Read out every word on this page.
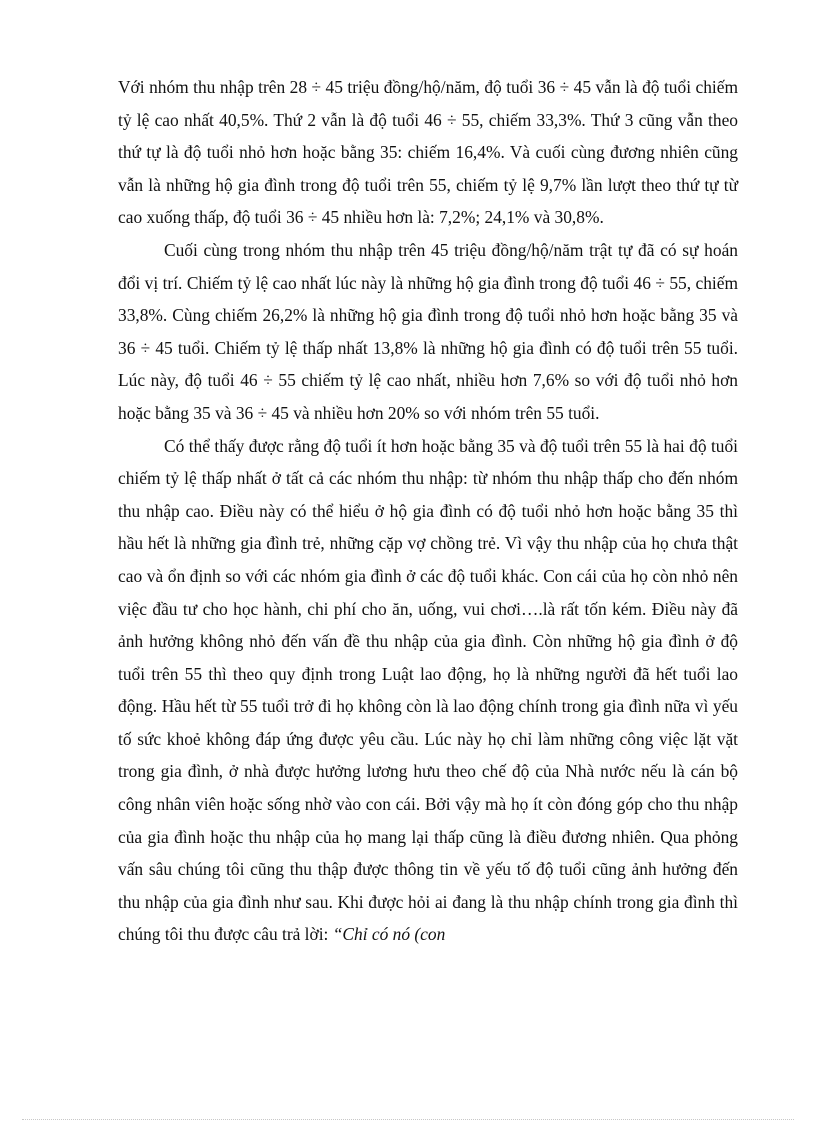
Với nhóm thu nhập trên 28 ÷ 45 triệu đồng/hộ/năm, độ tuổi 36 ÷ 45 vẫn là độ tuổi chiếm tỷ lệ cao nhất 40,5%. Thứ 2 vẫn là độ tuổi 46 ÷ 55, chiếm 33,3%. Thứ 3 cũng vẫn theo thứ tự là độ tuổi nhỏ hơn hoặc bằng 35: chiếm 16,4%. Và cuối cùng đương nhiên cũng vẫn là những hộ gia đình trong độ tuổi trên 55, chiếm tỷ lệ 9,7% lần lượt theo thứ tự từ cao xuống thấp, độ tuổi 36 ÷ 45 nhiều hơn là: 7,2%; 24,1% và 30,8%.

Cuối cùng trong nhóm thu nhập trên 45 triệu đồng/hộ/năm trật tự đã có sự hoán đổi vị trí. Chiếm tỷ lệ cao nhất lúc này là những hộ gia đình trong độ tuổi 46 ÷ 55, chiếm 33,8%. Cùng chiếm 26,2% là những hộ gia đình trong độ tuổi nhỏ hơn hoặc bằng 35 và 36 ÷ 45 tuổi. Chiếm tỷ lệ thấp nhất 13,8% là những hộ gia đình có độ tuổi trên 55 tuổi. Lúc này, độ tuổi 46 ÷ 55 chiếm tỷ lệ cao nhất, nhiều hơn 7,6% so với độ tuổi nhỏ hơn hoặc bằng 35 và 36 ÷ 45 và nhiều hơn 20% so với nhóm trên 55 tuổi.

Có thể thấy được rằng độ tuổi ít hơn hoặc bằng 35 và độ tuổi trên 55 là hai độ tuổi chiếm tỷ lệ thấp nhất ở tất cả các nhóm thu nhập: từ nhóm thu nhập thấp cho đến nhóm thu nhập cao. Điều này có thể hiểu ở hộ gia đình có độ tuổi nhỏ hơn hoặc bằng 35 thì hầu hết là những gia đình trẻ, những cặp vợ chồng trẻ. Vì vậy thu nhập của họ chưa thật cao và ổn định so với các nhóm gia đình ở các độ tuổi khác. Con cái của họ còn nhỏ nên việc đầu tư cho học hành, chi phí cho ăn, uống, vui chơi….là rất tốn kém. Điều này đã ảnh hưởng không nhỏ đến vấn đề thu nhập của gia đình. Còn những hộ gia đình ở độ tuổi trên 55 thì theo quy định trong Luật lao động, họ là những người đã hết tuổi lao động. Hầu hết từ 55 tuổi trở đi họ không còn là lao động chính trong gia đình nữa vì yếu tố sức khoẻ không đáp ứng được yêu cầu. Lúc này họ chỉ làm những công việc lặt vặt trong gia đình, ở nhà được hưởng lương hưu theo chế độ của Nhà nước nếu là cán bộ công nhân viên hoặc sống nhờ vào con cái. Bởi vậy mà họ ít còn đóng góp cho thu nhập của gia đình hoặc thu nhập của họ mang lại thấp cũng là điều đương nhiên. Qua phỏng vấn sâu chúng tôi cũng thu thập được thông tin về yếu tố độ tuổi cũng ảnh hưởng đến thu nhập của gia đình như sau. Khi được hỏi ai đang là thu nhập chính trong gia đình thì chúng tôi thu được câu trả lời: “Chỉ có nó (con
